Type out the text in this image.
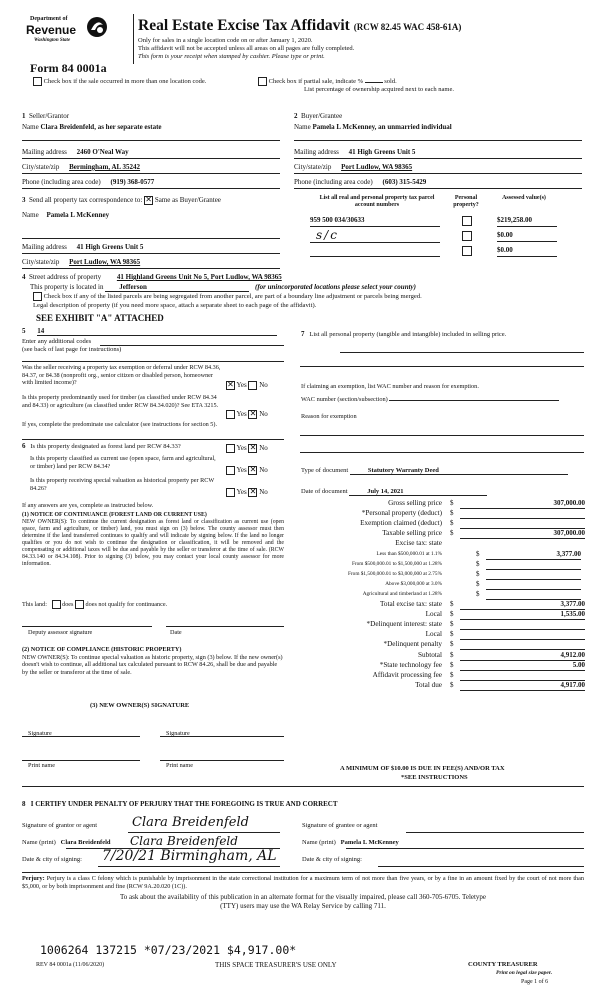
Department of
Revenue
Washington State
Form 84 0001a
Real Estate Excise Tax Affidavit (RCW 82.45 WAC 458-61A)
Only for sales in a single location code on or after January 1, 2020.
This affidavit will not be accepted unless all areas on all pages are fully completed.
This form is your receipt when stamped by cashier. Please type or print.
Check box if the sale occurred in more than one location code.	Check box if partial sale, indicate %	sold.
List percentage of ownership acquired next to each name.
1 Seller/Grantor
Name Clara Breidenfeld, as her separate estate
Mailing address 2460 O'Neal Way
City/state/zip Bermingham, AL 35242
Phone (including area code) (919) 368-0577
2 Buyer/Grantee
Name Pamela L McKenney, an unmarried individual
Mailing address 41 High Greens Unit 5
City/state/zip Port Ludlow, WA 98365
Phone (including area code) (603) 315-5429
3 Send all property tax correspondence to: ✕ Same as Buyer/Grantee
Name Pamela L McKenney
Mailing address 41 High Greens Unit 5
City/state/zip Port Ludlow, WA 98365
List all real and personal property tax parcel account numbers
Personal property?
Assessed value(s)
959 500 034/30633	$219,258.00
s/c	$0.00
$0.00
4 Street address of property 41 Highland Greens Unit No 5, Port Ludlow, WA 98365
This property is located in Jefferson	(for unincorporated locations please select your county)
Check box if any of the listed parcels are being segregated from another parcel, are part of a boundary line adjustment or parcels being merged.
Legal description of property (if you need more space, attach a separate sheet to each page of the affidavit).
SEE EXHIBIT "A" ATTACHED
5 14
Enter any additional codes
(see back of last page for instructions)
Was the seller receiving a property tax exemption or deferral under RCW 84.36, 84.37, or 84.38 (nonprofit org., senior citizen or disabled person, homeowner with limited income)?	✕ Yes No
Is this property predominantly used for timber (as classified under RCW 84.34 and 84.33) or agriculture (as classified under RCW 84.34.020)? See ETA 3215.
Yes ✕ No
If yes, complete the predominate use calculator (see instructions for section 5).
6 Is this property designated as forest land per RCW 84.33?	Yes ✕ No
Is this property classified as current use (open space, farm and agricultural, or timber) land per RCW 84.34?
Yes ✕ No
Is this property receiving special valuation as historical property per RCW 84.26?
Yes ✕ No
If any answers are yes, complete as instructed below.
(1) NOTICE OF CONTINUANCE (FOREST LAND OR CURRENT USE)
NEW OWNER(S): To continue the current designation as forest land or classification as current use (open space, farm and agriculture, or timber) land, you must sign on (3) below. The county assessor must then determine if the land transferred continues to qualify and will indicate by signing below. If the land no longer qualifies or you do not wish to continue the designation or classification, it will be removed and the compensating or additional taxes will be due and payable by the seller or transferor at the time of sale. (RCW 84.33.140 or 84.34.108). Prior to signing (3) below, you may contact your local county assessor for more information.
This land: does does not qualify for continuance.
Deputy assessor signature	Date
(2) NOTICE OF COMPLIANCE (HISTORIC PROPERTY)
NEW OWNER(S): To continue special valuation as historic property, sign (3) below. If the new owner(s) doesn't wish to continue, all additional tax calculated pursuant to RCW 84.26, shall be due and payable by the seller or transferor at the time of sale.
(3) NEW OWNER(S) SIGNATURE
Signature	Signature
Print name	Print name
7 List all personal property (tangible and intangible) included in selling price.
If claiming an exemption, list WAC number and reason for exemption.
WAC number (section/subsection)
Reason for exemption
Type of document	Statutory Warranty Deed
Date of document	July 14, 2021
Gross selling price $	307,000.00
*Personal property (deduct) $
Exemption claimed (deduct) $
Taxable selling price $	307,000.00
Excise tax: state
Less than $500,000.01 at 1.1%	$	3,377.00
From $500,000.01 to $1,500,000 at 1.28%	$
From $1,500,000.01 to $3,000,000 at 2.75%	$
Above $3,000,000 at 3.0%	$
Agricultural and timberland at 1.28%	$
Total excise tax: state $	3,377.00
Local $	1,535.00
*Delinquent interest: state $
Local $
*Delinquent penalty $
Subtotal $	4,912.00
*State technology fee $	5.00
Affidavit processing fee $
Total due $	4,917.00
A MINIMUM OF $10.00 IS DUE IN FEE(S) AND/OR TAX
*SEE INSTRUCTIONS
8 I CERTIFY UNDER PENALTY OF PERJURY THAT THE FOREGOING IS TRUE AND CORRECT
Signature of grantor or agent	Clara Breidenfeld
Name (print) Clara Breidenfeld Clara Breidenfeld
Date & city of signing: 7/20/21 Birmingham, AL
Signature of grantee or agent
Name (print) Pamela L McKenney
Date & city of signing:
Perjury: Perjury is a class C felony which is punishable by imprisonment in the state correctional institution for a maximum term of not more than five years, or by a fine in an amount fixed by the court of not more than $5,000, or by both imprisonment and fine (RCW 9A.20.020 (1C)).
To ask about the availability of this publication in an alternate format for the visually impaired, please call 360-705-6705. Teletype
(TTY) users may use the WA Relay Service by calling 711.
1006264 137215 *07/23/2021 $4,917.00*
REV 84 0001a (11/06/2020)	THIS SPACE TREASURER'S USE ONLY	COUNTY TREASURER
Print on legal size paper.
Page 1 of 6
